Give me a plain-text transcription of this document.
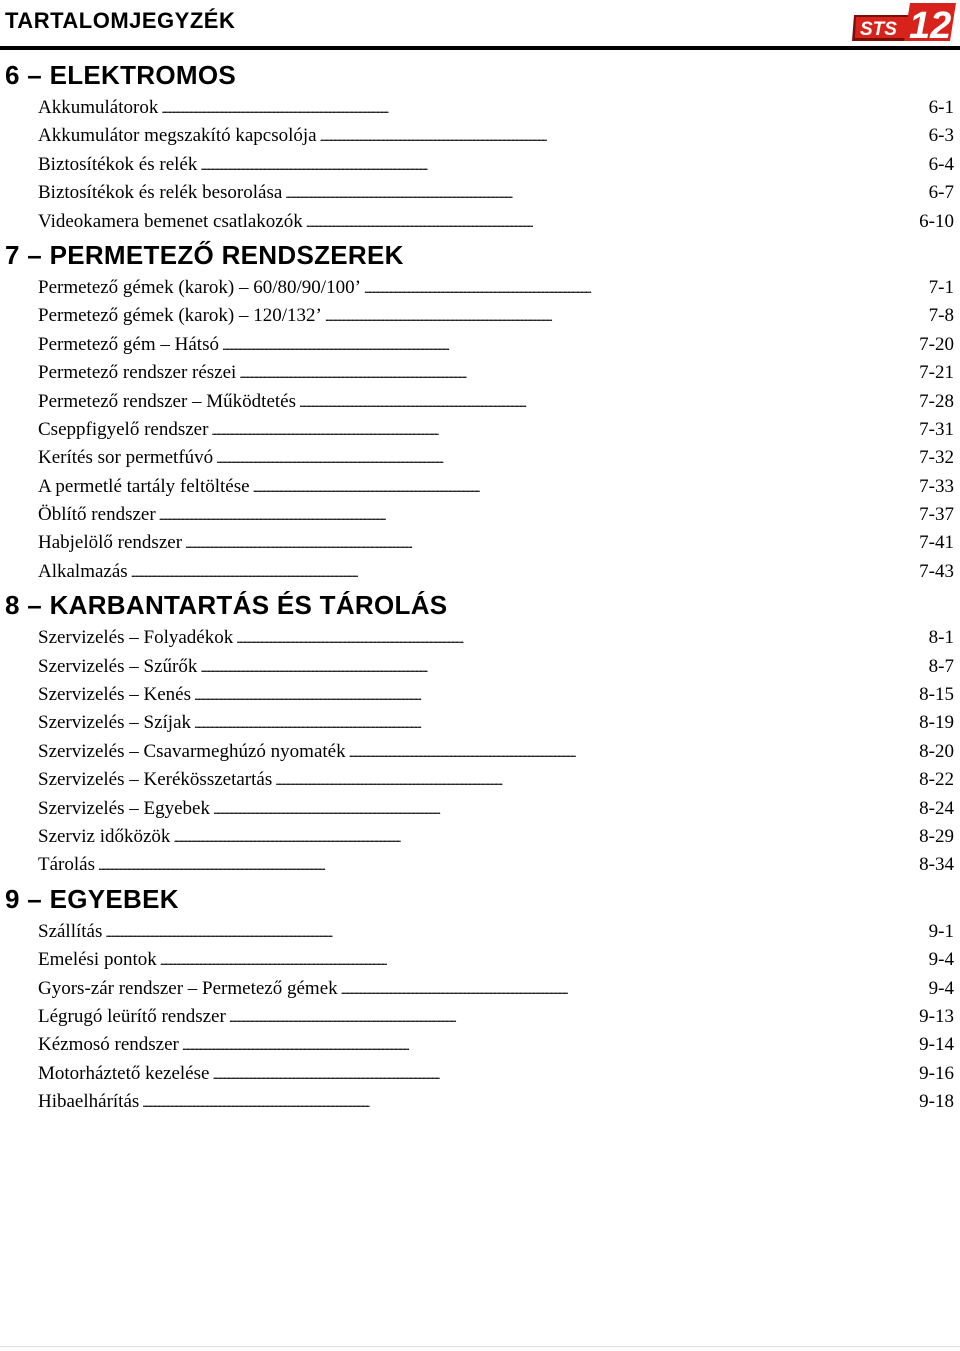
TARTALOMJEGYZÉK	STS 12
6 – ELEKTROMOS
Akkumulátorok . . .	6-1
Akkumulátor megszakító kapcsolója . . .	6-3
Biztosítékok és relék . . .	6-4
Biztosítékok és relék besorolása . . .	6-7
Videokamera bemenet csatlakozók . . .	6-10
7 – PERMETEZŐ RENDSZEREK
Permetező gémek (karok) – 60/80/90/100’ . . .	7-1
Permetező gémek (karok) – 120/132’ . . .	7-8
Permetező gém – Hátsó . . .	7-20
Permetező rendszer részei . . .	7-21
Permetező rendszer – Működtetés . . .	7-28
Cseppfigyelő rendszer . . .	7-31
Kerítés sor permetfúvó . . .	7-32
A permetlé tartály feltöltése . . .	7-33
Öblítő rendszer . . .	7-37
Habjelölő rendszer . . .	7-41
Alkalmazás . . .	7-43
8 – KARBANTARTÁS ÉS TÁROLÁS
Szervizelés – Folyadékok . . .	8-1
Szervizelés – Szűrők . . .	8-7
Szervizelés – Kenés . . .	8-15
Szervizelés – Szíjak . . .	8-19
Szervizelés – Csavarmeghúzó nyomaték . . .	8-20
Szervizelés – Kerékösszetartás . . .	8-22
Szervizelés – Egyebek . . .	8-24
Szerviz időközök . . .	8-29
Tárolás . . .	8-34
9 – EGYEBEK
Szállítás . . .	9-1
Emelési pontok . . .	9-4
Gyors-zár rendszer – Permetező gémek . . .	9-4
Légrugó leürítő rendszer . . .	9-13
Kézmosó rendszer . . .	9-14
Motorháztető kezelése . . .	9-16
Hibaelhárítás . . .	9-18
